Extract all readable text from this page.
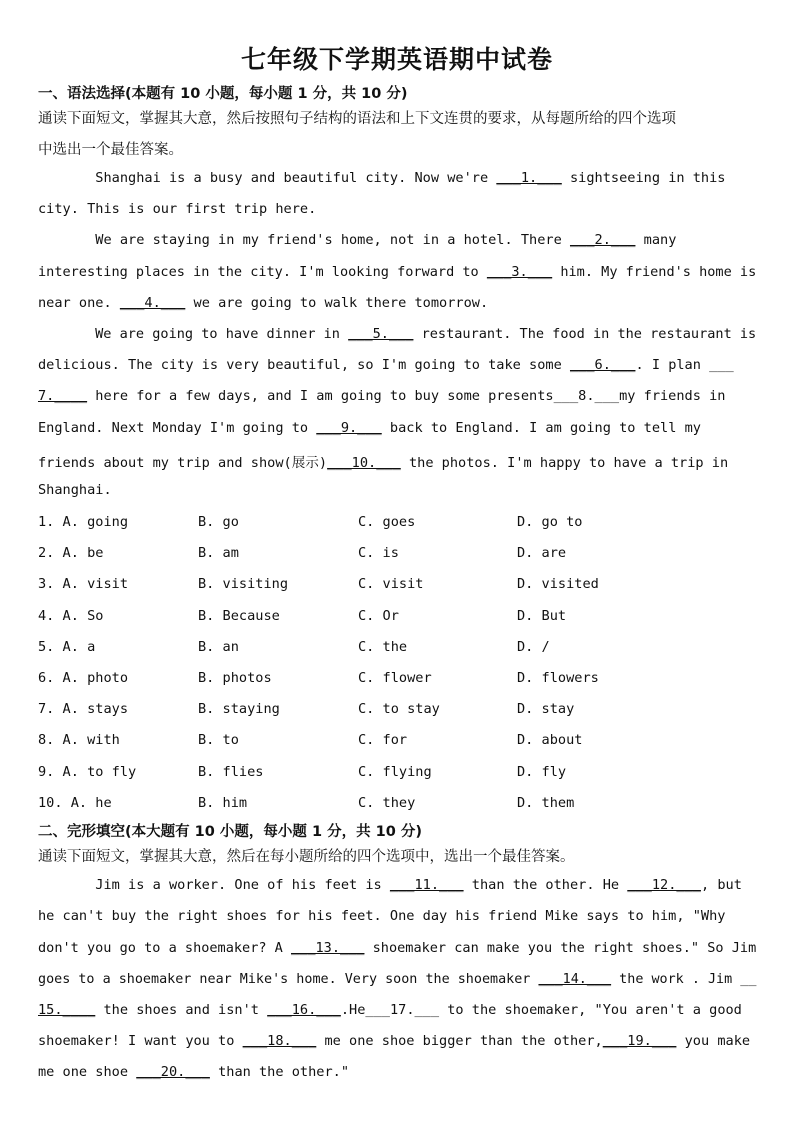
七年级下学期英语期中试卷
一、语法选择(本题有 10 小题，每小题 1 分，共 10 分)
通读下面短文，掌握其大意，然后按照句子结构的语法和上下文连贯的要求，从每题所给的四个选项
中选出一个最佳答案。
Shanghai is a busy and beautiful city. Now we're ___1.___ sightseeing in this
city. This is our first trip here.
We are staying in my friend's home, not in a hotel. There ___2.___ many
interesting places in the city. I'm looking forward to ___3.___ him. My friend's home is
near one. ___4.___ we are going to walk there tomorrow.
We are going to have dinner in ___5.___ restaurant. The food in the restaurant is
delicious. The city is very beautiful, so I'm going to take some ___6.___. I plan ___
7.____ here for a few days, and I am going to buy some presents___8.___my friends in
England. Next Monday I'm going to ___9.___ back to England. I am going to tell my
friends about my trip and show(展示)___10.___ the photos. I'm happy to have a trip in
Shanghai.
1. A. going	B. go	C. goes	D. go to
2. A. be	B. am	C. is	D. are
3. A. visit	B. visiting	C. visit	D. visited
4. A. So	B. Because	C. Or	D. But
5. A. a	B. an	C. the	D. /
6. A. photo	B. photos	C. flower	D. flowers
7. A. stays	B. staying	C. to stay	D. stay
8. A. with	B. to	C. for	D. about
9. A. to fly	B. flies	C. flying	D. fly
10. A. he	B. him	C. they	D. them
二、完形填空(本大题有 10 小题，每小题 1 分，共 10 分)
通读下面短文，掌握其大意，然后在每小题所给的四个选项中，选出一个最佳答案。
Jim is a worker. One of his feet is ___11.___ than the other. He ___12.___, but
he can't buy the right shoes for his feet. One day his friend Mike says to him, "Why
don't you go to a shoemaker? A ___13.___ shoemaker can make you the right shoes." So Jim
goes to a shoemaker near Mike's home. Very soon the shoemaker ___14.___ the work . Jim __
15.____ the shoes and isn't ___16.___.He___17.___ to the shoemaker, "You aren't a good
shoemaker! I want you to ___18.___ me one shoe bigger than the other,___19.___ you make
me one shoe ___20.___ than the other."
